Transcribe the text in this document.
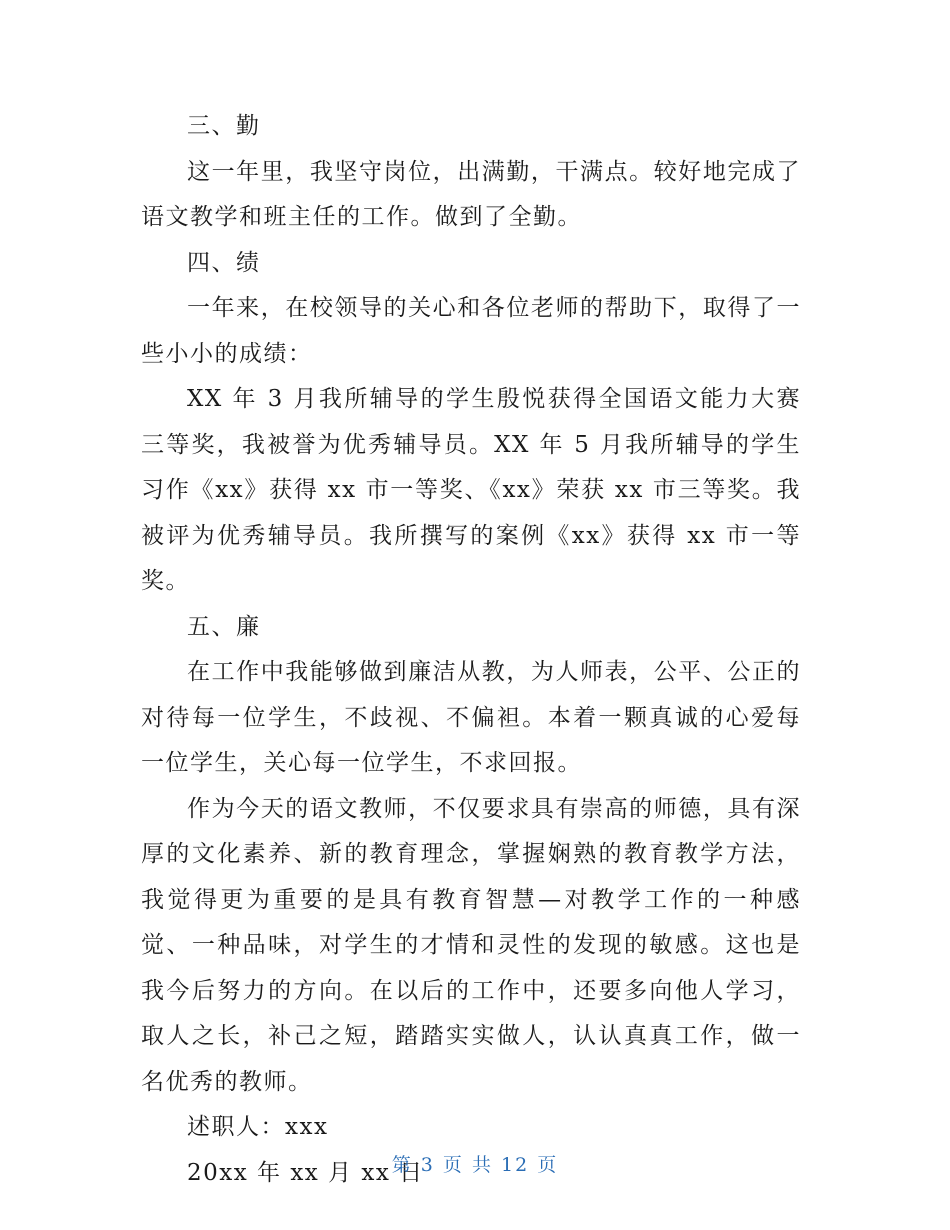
三、勤

这一年里，我坚守岗位，出满勤，干满点。较好地完成了语文教学和班主任的工作。做到了全勤。

四、绩

一年来，在校领导的关心和各位老师的帮助下，取得了一些小小的成绩：

XX 年 3 月我所辅导的学生殷悦获得全国语文能力大赛三等奖，我被誉为优秀辅导员。XX 年 5 月我所辅导的学生习作《xx》获得 xx 市一等奖、《xx》荣获 xx 市三等奖。我被评为优秀辅导员。我所撰写的案例《xx》获得 xx 市一等奖。

五、廉

在工作中我能够做到廉洁从教，为人师表，公平、公正的对待每一位学生，不歧视、不偏袒。本着一颗真诚的心爱每一位学生，关心每一位学生，不求回报。

作为今天的语文教师，不仅要求具有崇高的师德，具有深厚的文化素养、新的教育理念，掌握娴熟的教育教学方法，我觉得更为重要的是具有教育智慧—对教学工作的一种感觉、一种品味，对学生的才情和灵性的发现的敏感。这也是我今后努力的方向。在以后的工作中，还要多向他人学习，取人之长，补己之短，踏踏实实做人，认认真真工作，做一名优秀的教师。

述职人：xxx

20xx 年 xx 月 xx 日

第 3 页 共 12 页
